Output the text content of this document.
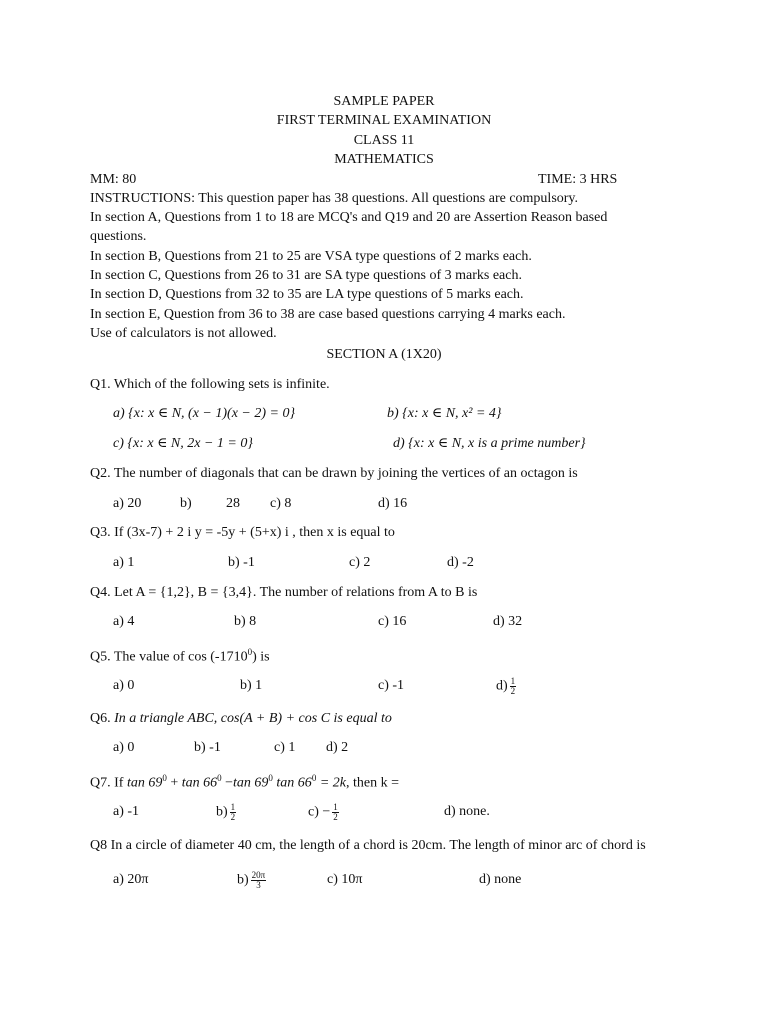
SAMPLE PAPER
FIRST TERMINAL EXAMINATION
CLASS 11
MATHEMATICS
MM: 80	TIME: 3 HRS
INSTRUCTIONS: This question paper has 38 questions. All questions are compulsory.
In section A, Questions from 1 to 18 are MCQ's and Q19 and 20 are Assertion Reason based
questions.
In section B, Questions from 21 to 25 are VSA type questions of 2 marks each.
In section C, Questions from 26 to 31 are SA type questions of 3 marks each.
In section D, Questions from 32 to 35 are LA type questions of 5 marks each.
In section E, Question from 36 to 38 are case based questions carrying 4 marks each.
Use of calculators is not allowed.
SECTION A (1X20)
Q1. Which of the following sets is infinite.
a) {x: x ∈ N, (x − 1)(x − 2) = 0}	b) {x: x ∈ N, x² = 4}
c) {x: x ∈ N, 2x − 1 = 0}	d) {x: x ∈ N, x is a prime number}
Q2. The number of diagonals that can be drawn by joining the vertices of an octagon is
a) 20	b) 28 c) 8	d) 16
Q3. If (3x-7) + 2 i y = -5y + (5+x) i , then x is equal to
a) 1	b) -1	c) 2	d) -2
Q4. Let A = {1,2}, B = {3,4}. The number of relations from A to B is
a) 4	b) 8	c) 16	d) 32
Q5. The value of cos (-1710$^0$) is
a) 0	b) 1	c) -1	$d) \frac{1}{2}$
Q6. In a triangle ABC, cos(A + B) + cos C is equal to
a) 0	b) -1	c) 1 d) 2
Q7. If $\tan 69^0 + \tan 66^0 -\tan$ $69^0$ $\tan 66^0 = 2k$, then k =
a) -1	$b) \frac{1}{2}$	$c) - \frac{1}{2}$	d) none.
Q8 In a circle of diameter 40 cm, the length of a chord is 20cm. The length of minor arc of chord is
a) 20π	$b) \frac{20\pi}{3}$	c) 10π	d) none
